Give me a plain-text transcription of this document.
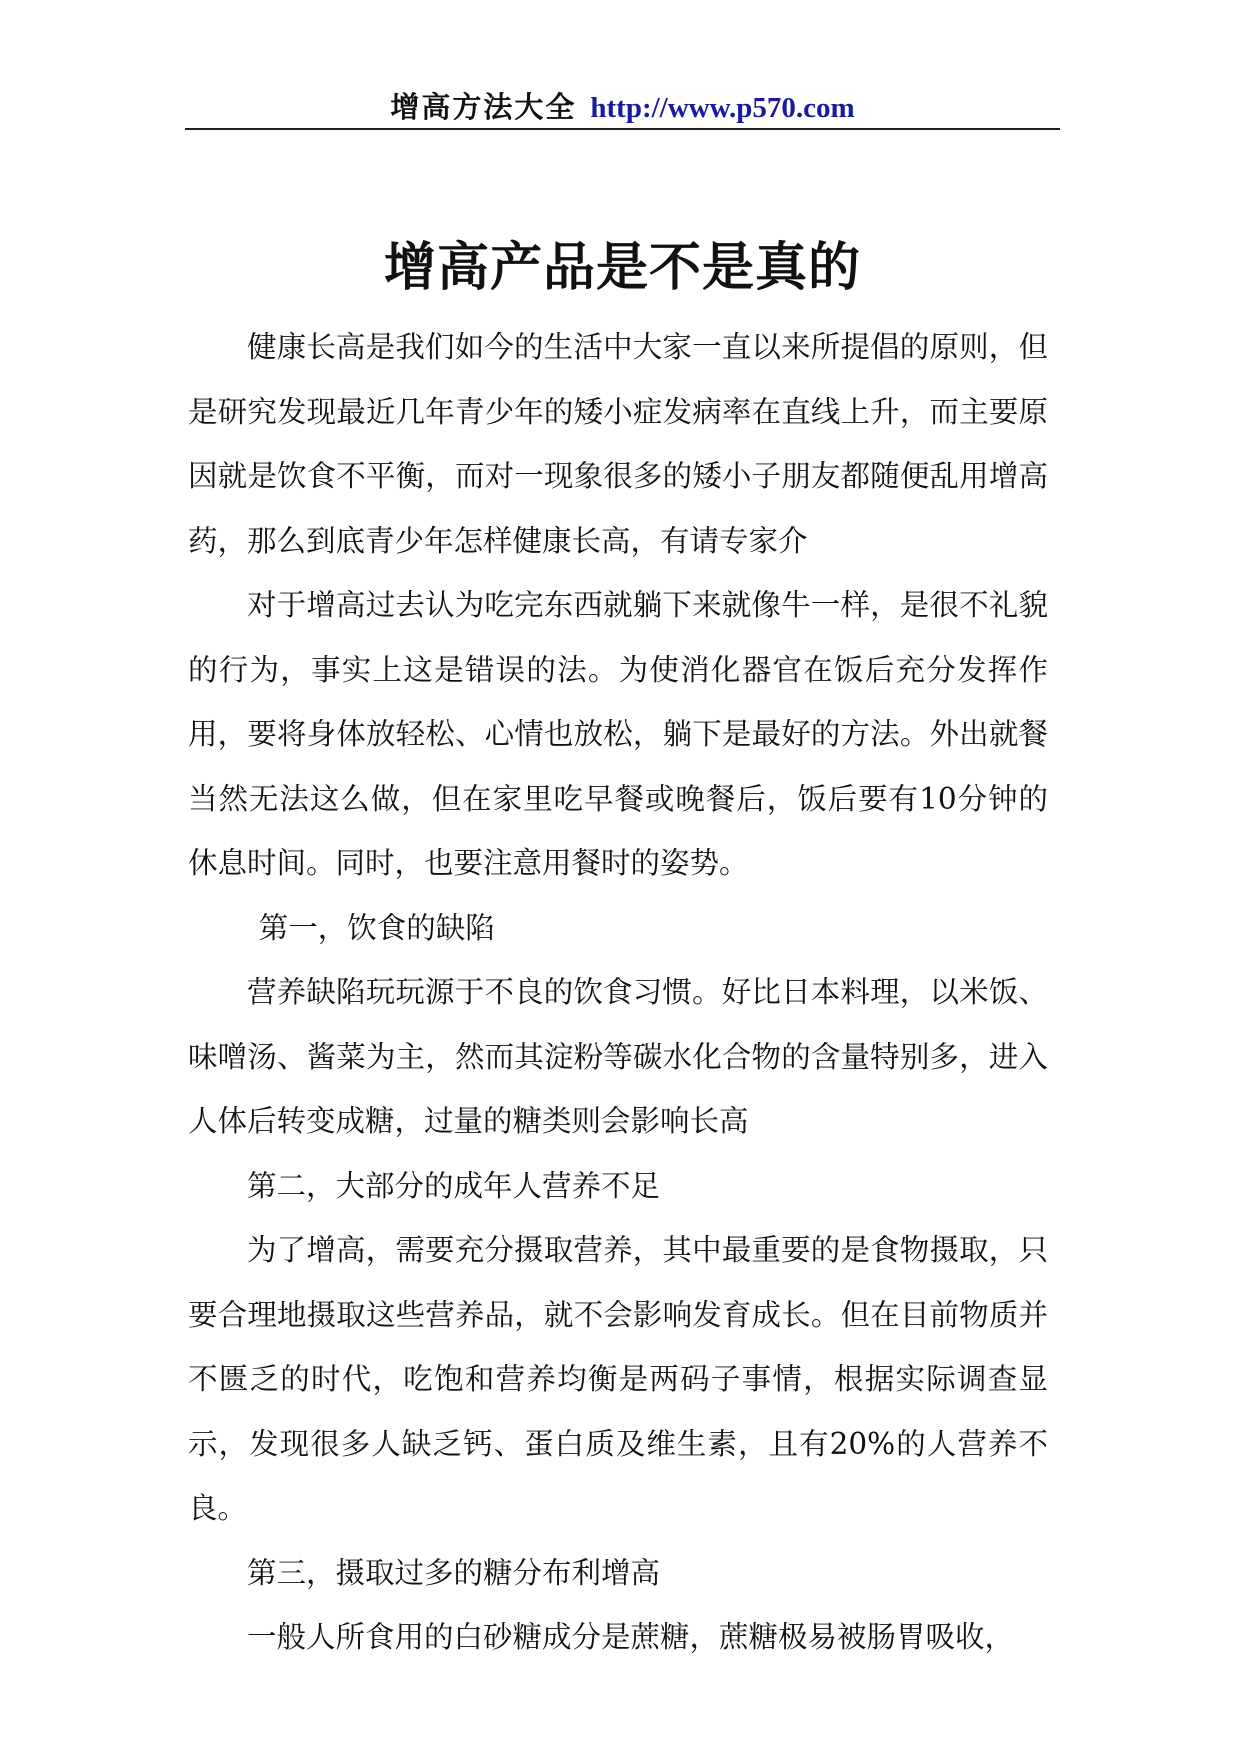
增高方法大全 http://www.p570.com
增高产品是不是真的

健康长高是我们如今的生活中大家一直以来所提倡的原则，但是研究发现最近几年青少年的矮小症发病率在直线上升，而主要原因就是饮食不平衡，而对一现象很多的矮小子朋友都随便乱用增高药，那么到底青少年怎样健康长高，有请专家介

对于增高过去认为吃完东西就躺下来就像牛一样，是很不礼貌的行为，事实上这是错误的法。为使消化器官在饭后充分发挥作用，要将身体放轻松、心情也放松，躺下是最好的方法。外出就餐当然无法这么做，但在家里吃早餐或晚餐后，饭后要有10分钟的休息时间。同时，也要注意用餐时的姿势。

第一，饮食的缺陷

营养缺陷玩玩源于不良的饮食习惯。好比日本料理，以米饭、味噌汤、酱菜为主，然而其淀粉等碳水化合物的含量特别多，进入人体后转变成糖，过量的糖类则会影响长高

第二，大部分的成年人营养不足

为了增高，需要充分摄取营养，其中最重要的是食物摄取，只要合理地摄取这些营养品，就不会影响发育成长。但在目前物质并不匮乏的时代，吃饱和营养均衡是两码子事情，根据实际调查显示，发现很多人缺乏钙、蛋白质及维生素，且有20%的人营养不良。

第三，摄取过多的糖分布利增高

一般人所食用的白砂糖成分是蔗糖，蔗糖极易被肠胃吸收，
